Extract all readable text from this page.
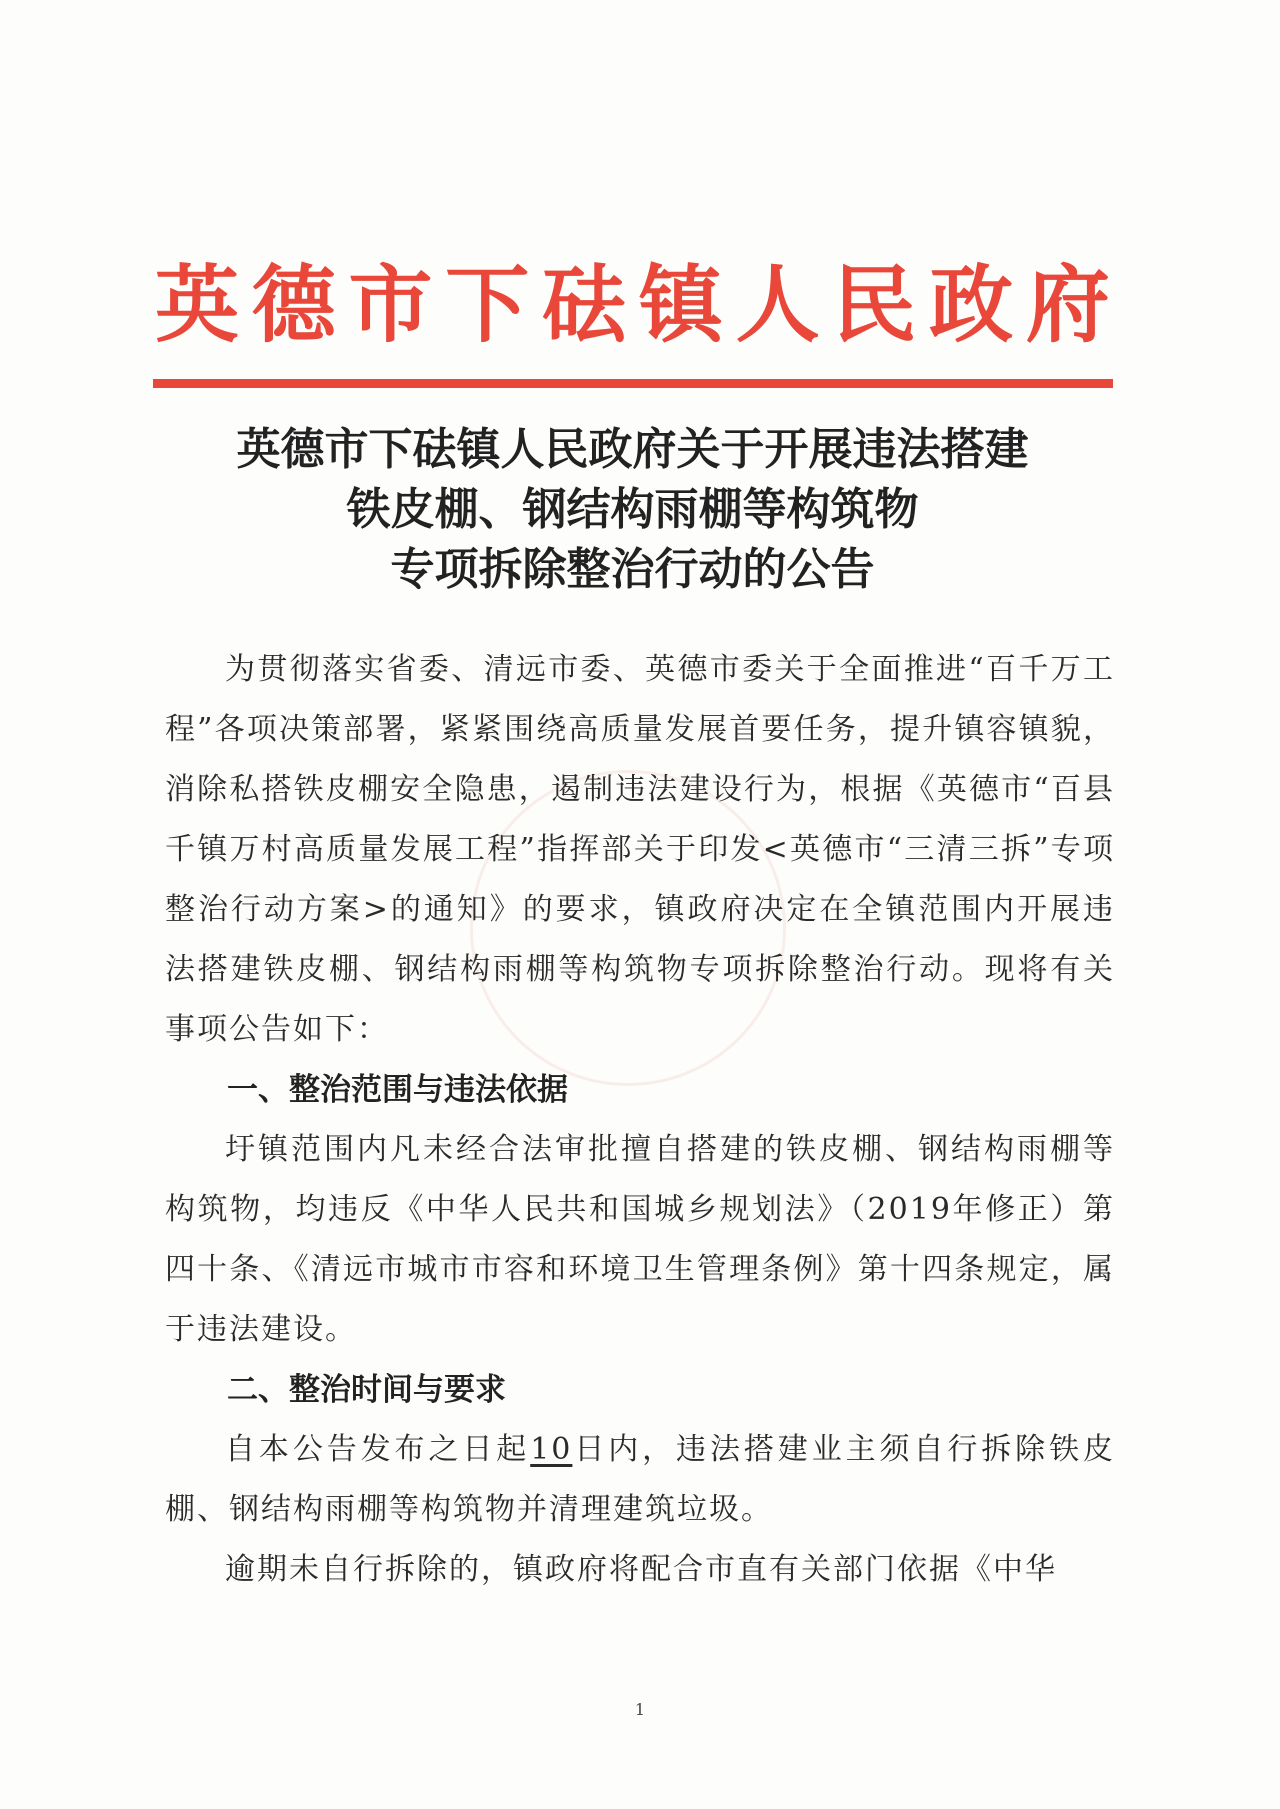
英 德 市 下 砝 镇 人 民 政 府
英德市下砝镇人民政府关于开展违法搭建
铁皮棚、钢结构雨棚等构筑物
专项拆除整治行动的公告

为贯彻落实省委、清远市委、英德市委关于全面推进“百千万工程”各项决策部署，紧紧围绕高质量发展首要任务，提升镇容镇貌，消除私搭铁皮棚安全隐患，遏制违法建设行为，根据《英德市“百县千镇万村高质量发展工程”指挥部关于印发<英德市“三清三拆”专项整治行动方案>的通知》的要求，镇政府决定在全镇范围内开展违法搭建铁皮棚、钢结构雨棚等构筑物专项拆除整治行动。现将有关事项公告如下：

一、整治范围与违法依据

圩镇范围内凡未经合法审批擅自搭建的铁皮棚、钢结构雨棚等构筑物，均违反《中华人民共和国城乡规划法》（2019年修正）第四十条、《清远市城市市容和环境卫生管理条例》第十四条规定，属于违法建设。

二、整治时间与要求

自本公告发布之日起10日内，违法搭建业主须自行拆除铁皮棚、钢结构雨棚等构筑物并清理建筑垃圾。

逾期未自行拆除的，镇政府将配合市直有关部门依据《中华

1
